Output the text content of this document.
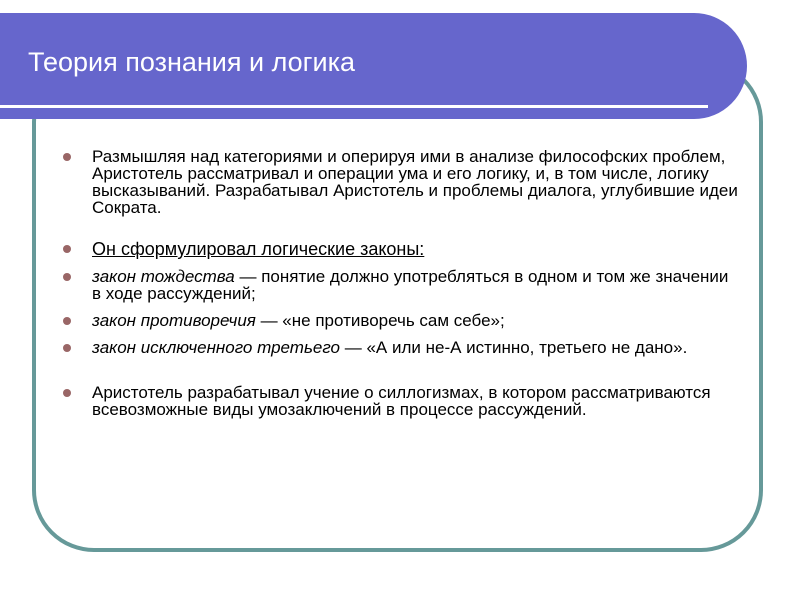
Теория познания и логика
Размышляя над категориями и оперируя ими в анализе философских проблем, Аристотель рассматривал и операции ума и его логику, и, в том числе, логику высказываний. Разрабатывал Аристотель и проблемы диалога, углубившие идеи Сократа.
Он сформулировал логические законы:
закон тождества — понятие должно употребляться в одном и том же значении в ходе рассуждений;
закон противоречия — «не противоречь сам себе»;
закон исключенного третьего — «А или не-А истинно, третьего не дано».
Аристотель разрабатывал учение о силлогизмах, в котором рассматриваются всевозможные виды умозаключений в процессе рассуждений.
